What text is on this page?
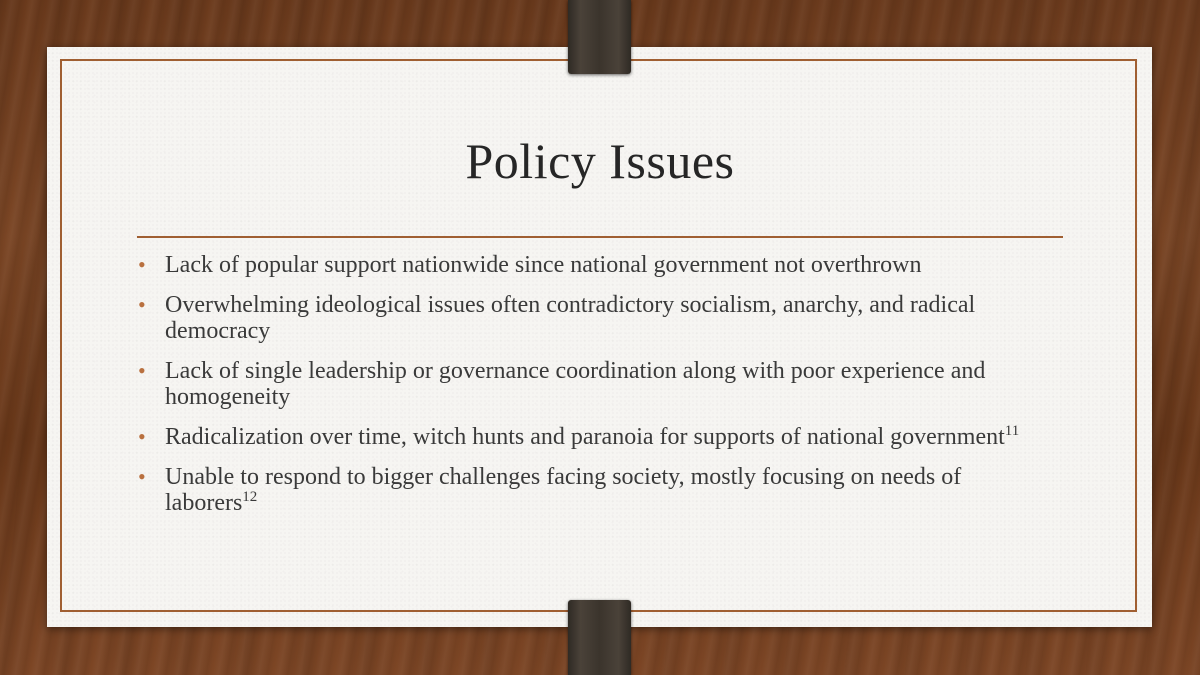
Policy Issues
• Lack of popular support nationwide since national government not overthrown
• Overwhelming ideological issues often contradictory socialism, anarchy, and radical democracy
• Lack of single leadership or governance coordination along with poor experience and homogeneity
• Radicalization over time, witch hunts and paranoia for supports of national government$^{11}$
• Unable to respond to bigger challenges facing society, mostly focusing on needs of laborers$^{12}$
